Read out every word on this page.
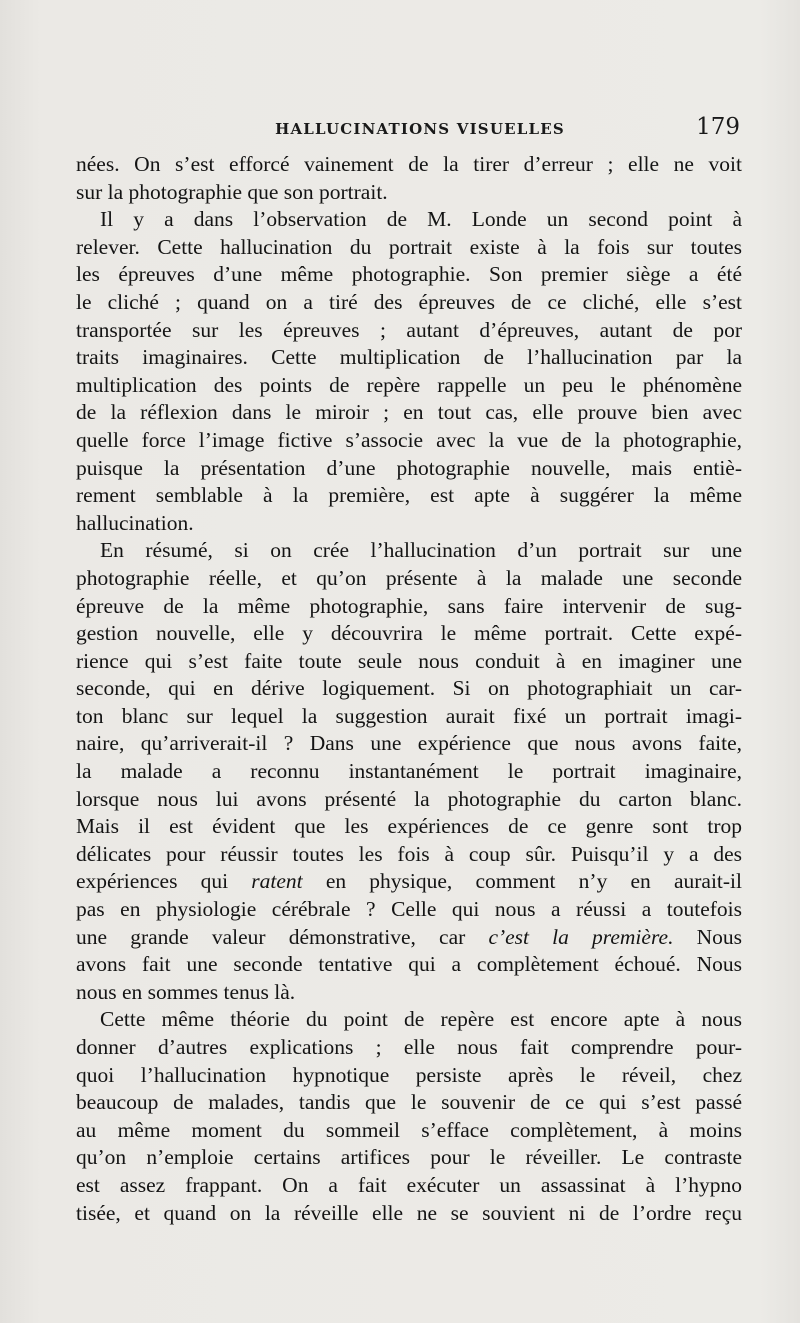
HALLUCINATIONS VISUELLES	179
nées. On s’est efforcé vainement de la tirer d’erreur ; elle ne voit
sur la photographie que son portrait.
Il y a dans l’observation de M. Londe un second point à
relever. Cette hallucination du portrait existe à la fois sur toutes
les épreuves d’une même photographie. Son premier siège a été
le cliché ; quand on a tiré des épreuves de ce cliché, elle s’est
transportée sur les épreuves ; autant d’épreuves, autant de por
traits imaginaires. Cette multiplication de l’hallucination par la
multiplication des points de repère rappelle un peu le phénomène
de la réflexion dans le miroir ; en tout cas, elle prouve bien avec
quelle force l’image fictive s’associe avec la vue de la photographie,
puisque la présentation d’une photographie nouvelle, mais entiè-
rement semblable à la première, est apte à suggérer la même
hallucination.
En résumé, si on crée l’hallucination d’un portrait sur une
photographie réelle, et qu’on présente à la malade une seconde
épreuve de la même photographie, sans faire intervenir de sug-
gestion nouvelle, elle y découvrira le même portrait. Cette expé-
rience qui s’est faite toute seule nous conduit à en imaginer une
seconde, qui en dérive logiquement. Si on photographiait un car-
ton blanc sur lequel la suggestion aurait fixé un portrait imagi-
naire, qu’arriverait-il ? Dans une expérience que nous avons faite,
la malade a reconnu instantanément le portrait imaginaire,
lorsque nous lui avons présenté la photographie du carton blanc.
Mais il est évident que les expériences de ce genre sont trop
délicates pour réussir toutes les fois à coup sûr. Puisqu’il y a des
expériences qui ratent en physique, comment n’y en aurait-il
pas en physiologie cérébrale ? Celle qui nous a réussi a toutefois
une grande valeur démonstrative, car c’est la première. Nous
avons fait une seconde tentative qui a complètement échoué. Nous
nous en sommes tenus là.
Cette même théorie du point de repère est encore apte à nous
donner d’autres explications ; elle nous fait comprendre pour-
quoi l’hallucination hypnotique persiste après le réveil, chez
beaucoup de malades, tandis que le souvenir de ce qui s’est passé
au même moment du sommeil s’efface complètement, à moins
qu’on n’emploie certains artifices pour le réveiller. Le contraste
est assez frappant. On a fait exécuter un assassinat à l’hypno
tisée, et quand on la réveille elle ne se souvient ni de l’ordre reçu
